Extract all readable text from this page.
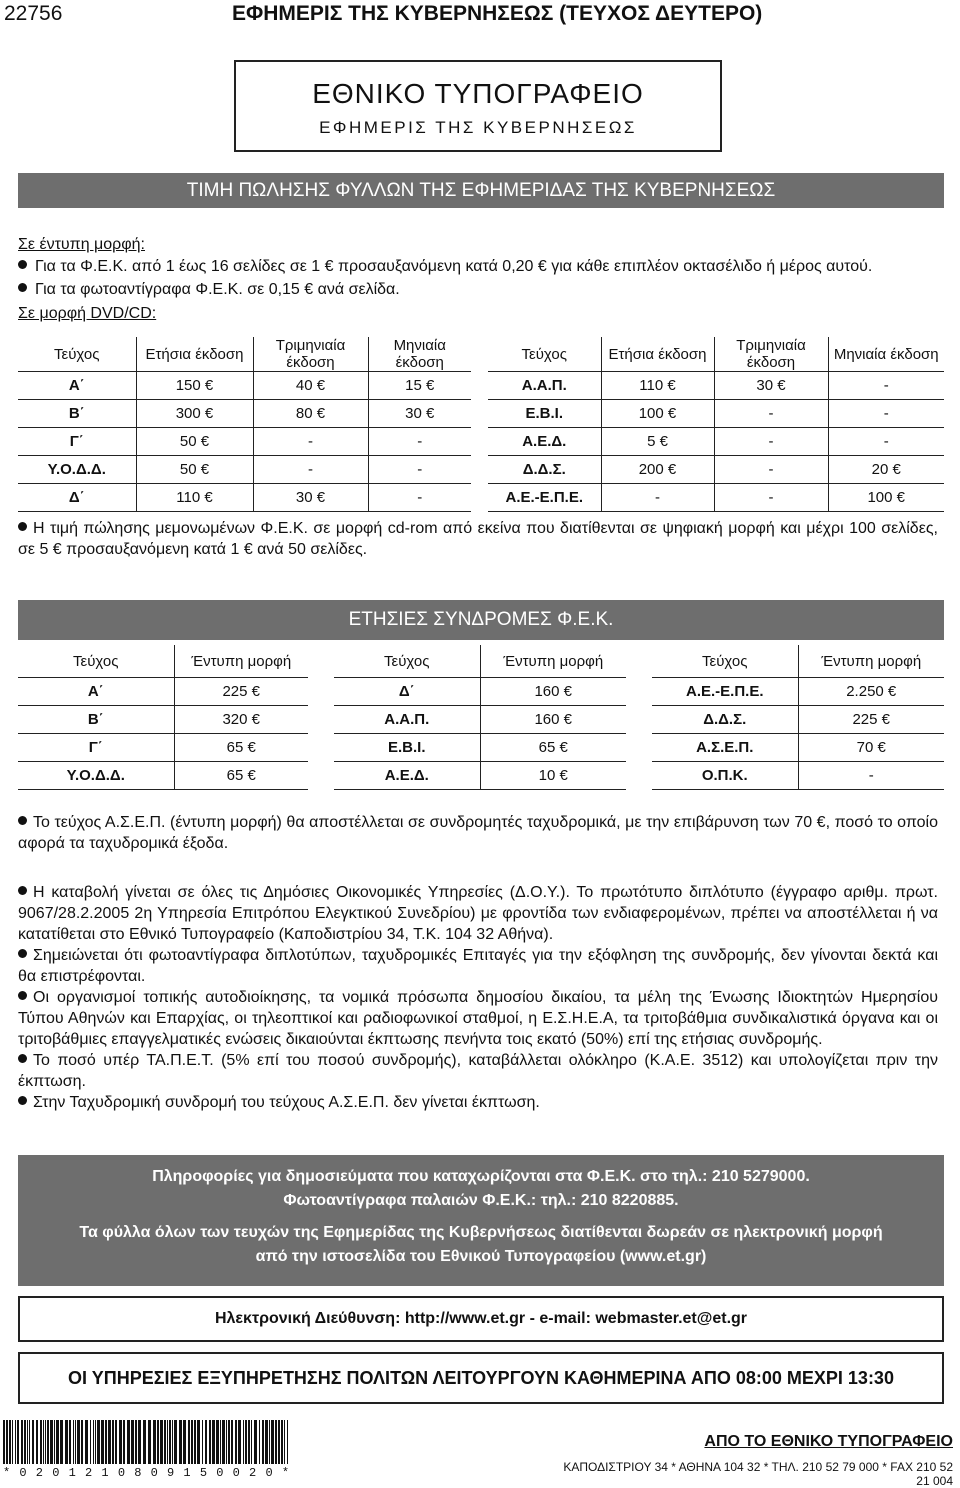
22756	ΕΦΗΜΕΡΙΣ ΤΗΣ ΚΥΒΕΡΝΗΣΕΩΣ (ΤΕΥΧΟΣ ΔΕΥΤΕΡΟ)
ΕΘΝΙΚΟ ΤΥΠΟΓΡΑΦΕΙΟ
ΕΦΗΜΕΡΙΣ ΤΗΣ ΚΥΒΕΡΝΗΣΕΩΣ
ΤΙΜΗ ΠΩΛΗΣΗΣ ΦΥΛΛΩΝ ΤΗΣ ΕΦΗΜΕΡΙΔΑΣ ΤΗΣ ΚΥΒΕΡΝΗΣΕΩΣ
Σε έντυπη μορφή:
Για τα Φ.Ε.Κ. από 1 έως 16 σελίδες σε 1 € προσαυξανόμενη κατά 0,20 € για κάθε επιπλέον οκτασέλιδο ή μέρος αυτού.
Για τα φωτοαντίγραφα Φ.Ε.Κ. σε 0,15 € ανά σελίδα.
Σε μορφή DVD/CD:
Τεύχος	Ετήσια έκδοση	Τριμηνιαία έκδοση	Μηνιαία έκδοση
Α΄	150 €	40 €	15 €
Β΄	300 €	80 €	30 €
Γ΄	50 €	-	-
Υ.Ο.Δ.Δ.	50 €	-	-
Δ΄	110 €	30 €	-
Τεύχος	Ετήσια έκδοση	Τριμηνιαία έκδοση	Μηνιαία έκδοση
Α.Α.Π.	110 €	30 €	-
Ε.Β.Ι.	100 €	-	-
Α.Ε.Δ.	5 €	-	-
Δ.Δ.Σ.	200 €	-	20 €
Α.Ε.-Ε.Π.Ε.	-	-	100 €
Η τιμή πώλησης μεμονωμένων Φ.Ε.Κ. σε μορφή cd-rom από εκείνα που διατίθενται σε ψηφιακή μορφή και μέχρι 100 σελίδες, σε 5 € προσαυξανόμενη κατά 1 € ανά 50 σελίδες.
ΕΤΗΣΙΕΣ ΣΥΝΔΡΟΜΕΣ Φ.Ε.Κ.
Τεύχος	Έντυπη μορφή
Α΄	225 €
Β΄	320 €
Γ΄	65 €
Υ.Ο.Δ.Δ.	65 €
Τεύχος	Έντυπη μορφή
Δ΄	160 €
Α.Α.Π.	160 €
Ε.Β.Ι.	65 €
Α.Ε.Δ.	10 €
Τεύχος	Έντυπη μορφή
Α.Ε.-Ε.Π.Ε.	2.250 €
Δ.Δ.Σ.	225 €
Α.Σ.Ε.Π.	70 €
Ο.Π.Κ.	-
Το τεύχος Α.Σ.Ε.Π. (έντυπη μορφή) θα αποστέλλεται σε συνδρομητές ταχυδρομικά, με την επιβάρυνση των 70 €, ποσό το οποίο αφορά τα ταχυδρομικά έξοδα.
Η καταβολή γίνεται σε όλες τις Δημόσιες Οικονομικές Υπηρεσίες (Δ.Ο.Υ.). Το πρωτότυπο διπλότυπο (έγγραφο αριθμ. πρωτ. 9067/28.2.2005 2η Υπηρεσία Επιτρόπου Ελεγκτικού Συνεδρίου) με φροντίδα των ενδιαφερομένων, πρέπει να αποστέλλεται ή να κατατίθεται στο Εθνικό Τυπογραφείο (Καποδιστρίου 34, Τ.Κ. 104 32 Αθήνα).
Σημειώνεται ότι φωτοαντίγραφα διπλοτύπων, ταχυδρομικές Επιταγές για την εξόφληση της συνδρομής, δεν γίνονται δεκτά και θα επιστρέφονται.
Οι οργανισμοί τοπικής αυτοδιοίκησης, τα νομικά πρόσωπα δημοσίου δικαίου, τα μέλη της Ένωσης Ιδιοκτητών Ημερησίου Τύπου Αθηνών και Επαρχίας, οι τηλεοπτικοί και ραδιοφωνικοί σταθμοί, η Ε.Σ.Η.Ε.Α, τα τριτοβάθμια συνδικαλιστικά όργανα και οι τριτοβάθμιες επαγγελματικές ενώσεις δικαιούνται έκπτωσης πενήντα τοις εκατό (50%) επί της ετήσιας συνδρομής.
Το ποσό υπέρ ΤΑ.Π.Ε.Τ. (5% επί του ποσού συνδρομής), καταβάλλεται ολόκληρο (Κ.Α.Ε. 3512) και υπολογίζεται πριν την έκπτωση.
Στην Ταχυδρομική συνδρομή του τεύχους Α.Σ.Ε.Π. δεν γίνεται έκπτωση.
Πληροφορίες για δημοσιεύματα που καταχωρίζονται στα Φ.Ε.Κ. στο τηλ.: 210 5279000.
Φωτοαντίγραφα παλαιών Φ.Ε.Κ.: τηλ.: 210 8220885.
Τα φύλλα όλων των τευχών της Εφημερίδας της Κυβερνήσεως διατίθενται δωρεάν σε ηλεκτρονική μορφή
από την ιστοσελίδα του Εθνικού Τυπογραφείου (www.et.gr)
Ηλεκτρονική Διεύθυνση: http://www.et.gr - e-mail: webmaster.et@et.gr
ΟΙ ΥΠΗΡΕΣΙΕΣ ΕΞΥΠΗΡΕΤΗΣΗΣ ΠΟΛΙΤΩΝ ΛΕΙΤΟΥΡΓΟΥΝ ΚΑΘΗΜΕΡΙΝΑ ΑΠΟ 08:00 ΜΕΧΡΙ 13:30
* 0 2 0 1 2 1 0 8 0 9 1 5 0 0 2 0 *
ΑΠΟ ΤΟ ΕΘΝΙΚΟ ΤΥΠΟΓΡΑΦΕΙΟ
ΚΑΠΟΔΙΣΤΡΙΟΥ 34 * ΑΘΗΝΑ 104 32 * ΤΗΛ. 210 52 79 000 * FAX 210 52 21 004
